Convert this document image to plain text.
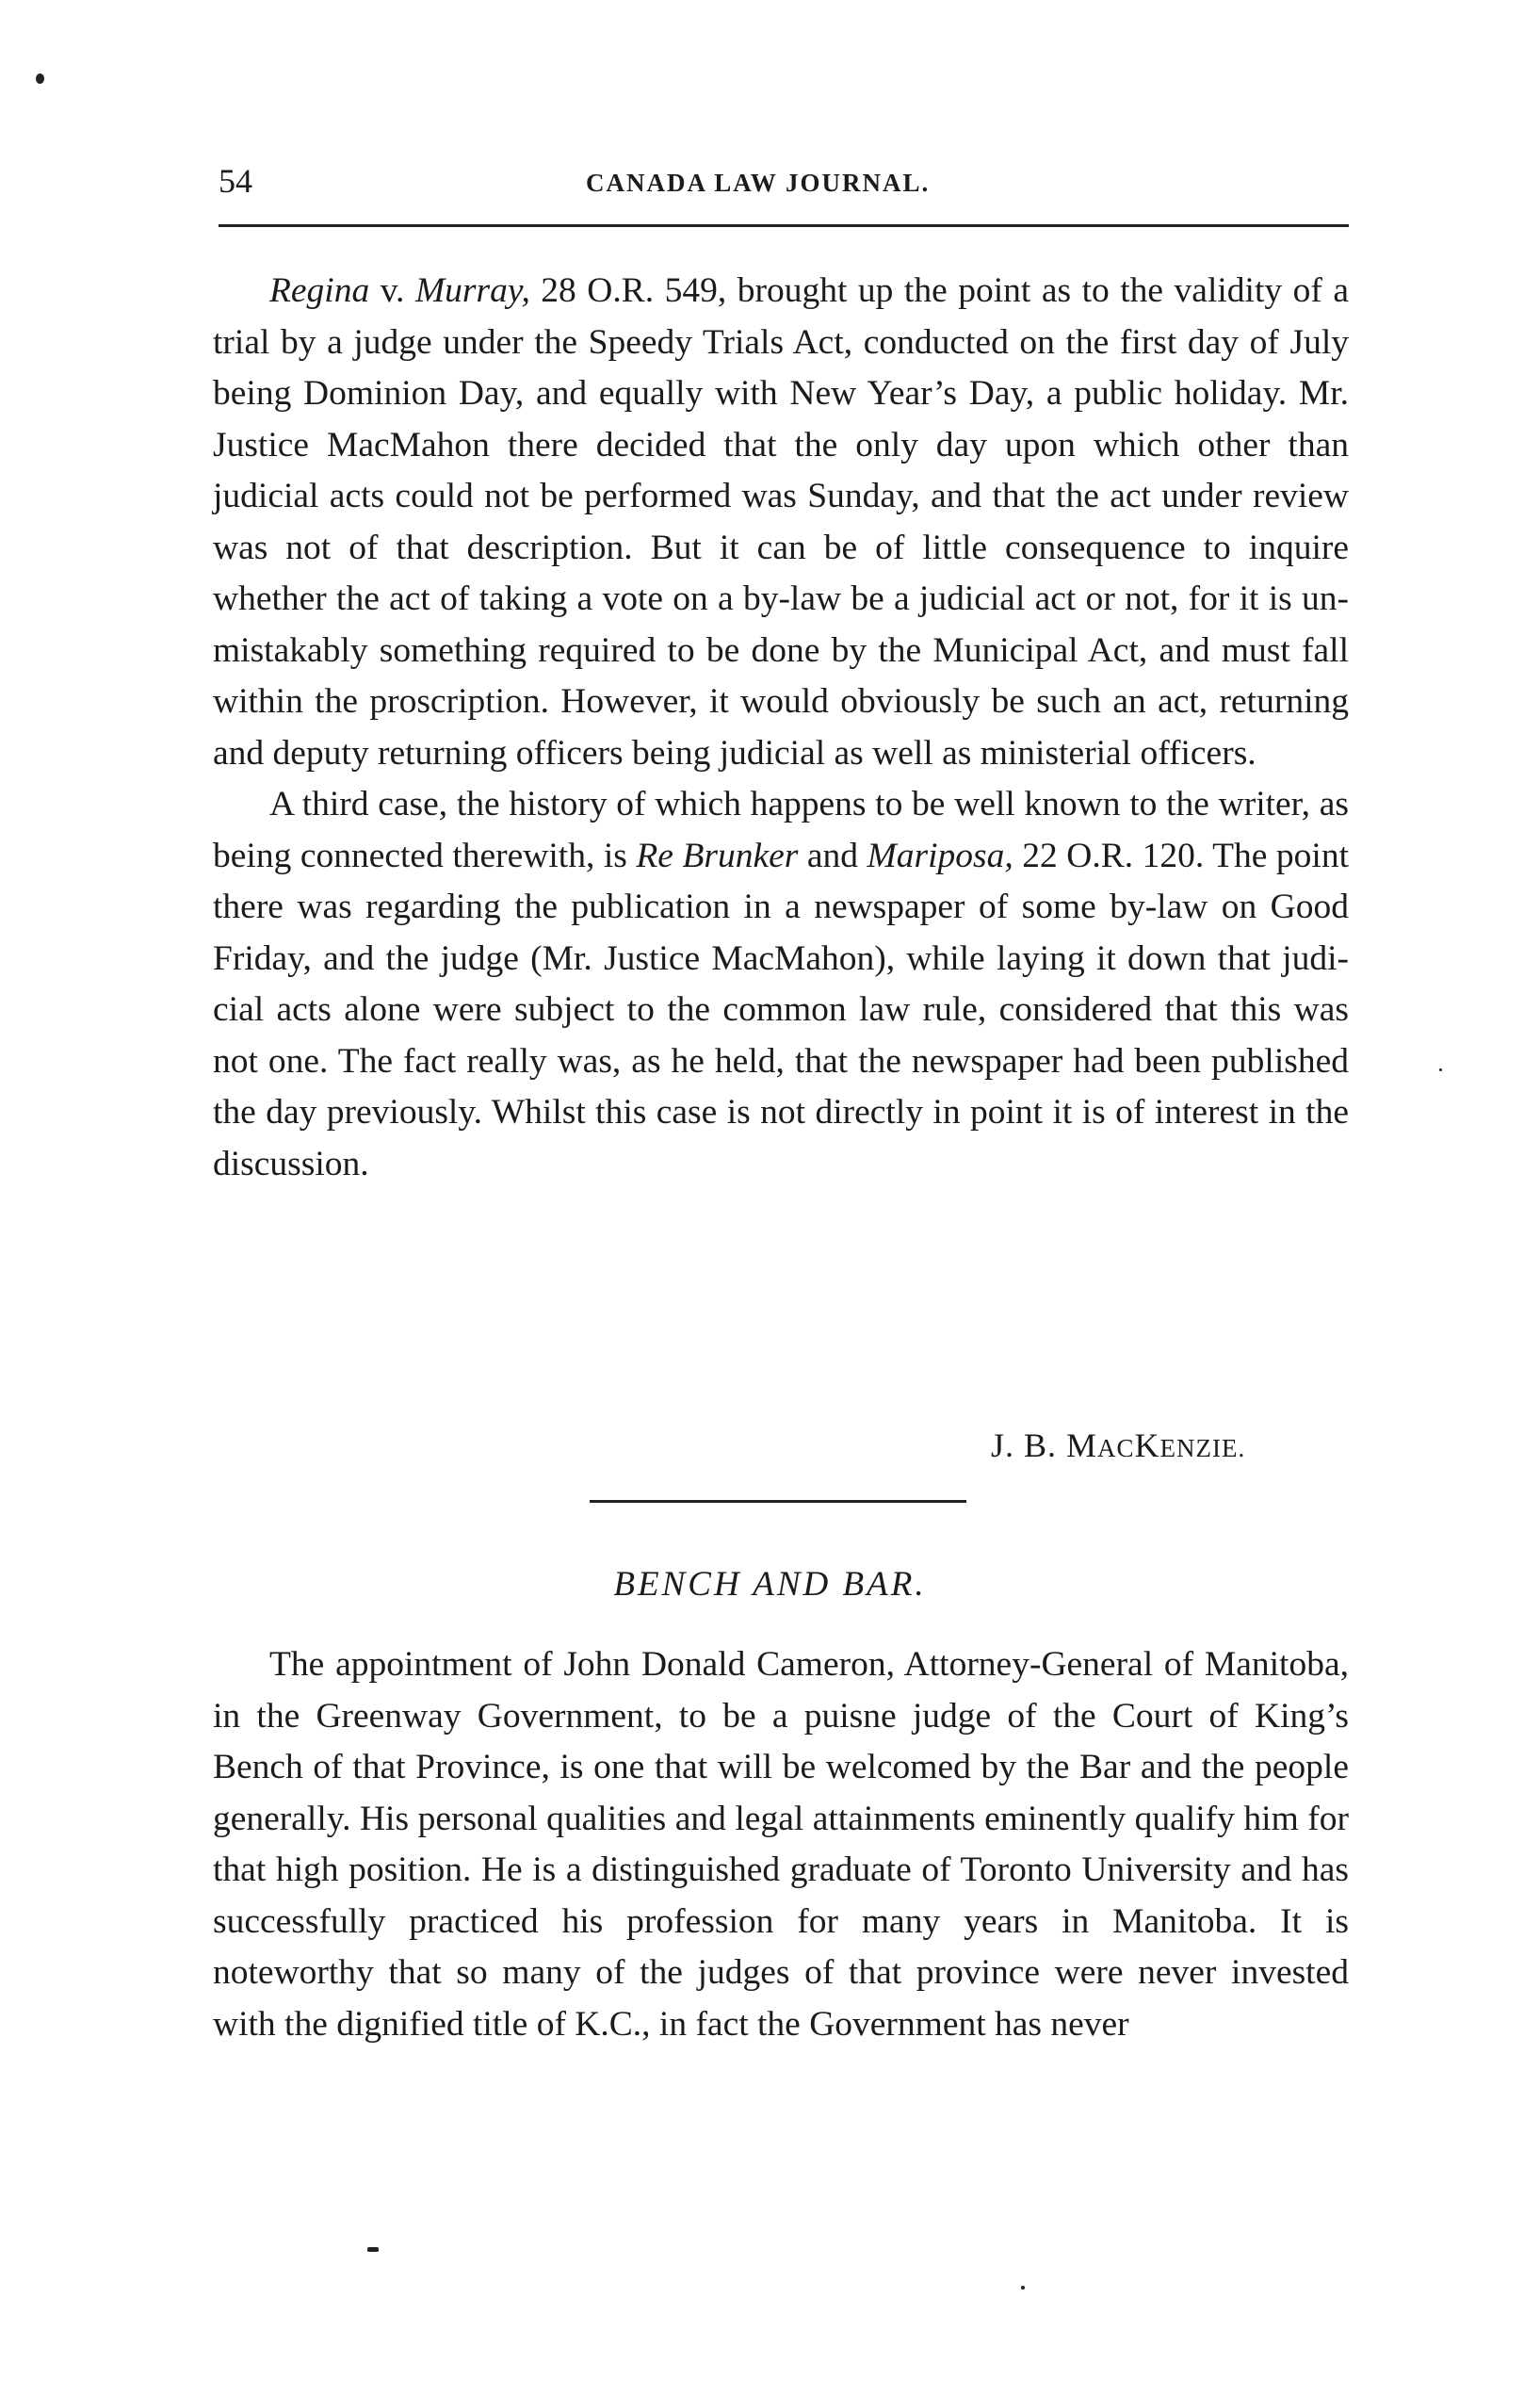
54	CANADA LAW JOURNAL.

Regina v. Murray, 28 O.R. 549, brought up the point as to the validity of a trial by a judge under the Speedy Trials Act, conducted on the first day of July being Dominion Day, and equally with New Year’s Day, a public holiday. Mr. Justice MacMahon there decided that the only day upon which other than judicial acts could not be performed was Sunday, and that the act under review was not of that description. But it can be of little consequence to inquire whether the act of taking a vote on a by-law be a judicial act or not, for it is unmistakably something required to be done by the Municipal Act, and must fall within the proscription. However, it would obviously be such an act, returning and deputy returning officers being judicial as well as ministerial officers.

A third case, the history of which happens to be well known to the writer, as being connected therewith, is Re Brunker and Mariposa, 22 O.R. 120. The point there was regarding the publication in a newspaper of some by-law on Good Friday, and the judge (Mr. Justice MacMahon), while laying it down that judicial acts alone were subject to the common law rule, considered that this was not one. The fact really was, as he held, that the newspaper had been published the day previously. Whilst this case is not directly in point it is of interest in the discussion.

J. B. MACKENZIE.
BENCH AND BAR.

The appointment of John Donald Cameron, Attorney-General of Manitoba, in the Greenway Government, to be a puisne judge of the Court of King’s Bench of that Province, is one that will be welcomed by the Bar and the people generally. His personal qualities and legal attainments eminently qualify him for that high position. He is a distinguished graduate of Toronto University and has successfully practiced his profession for many years in Manitoba. It is noteworthy that so many of the judges of that province were never invested with the dignified title of K.C., in fact the Government has never
